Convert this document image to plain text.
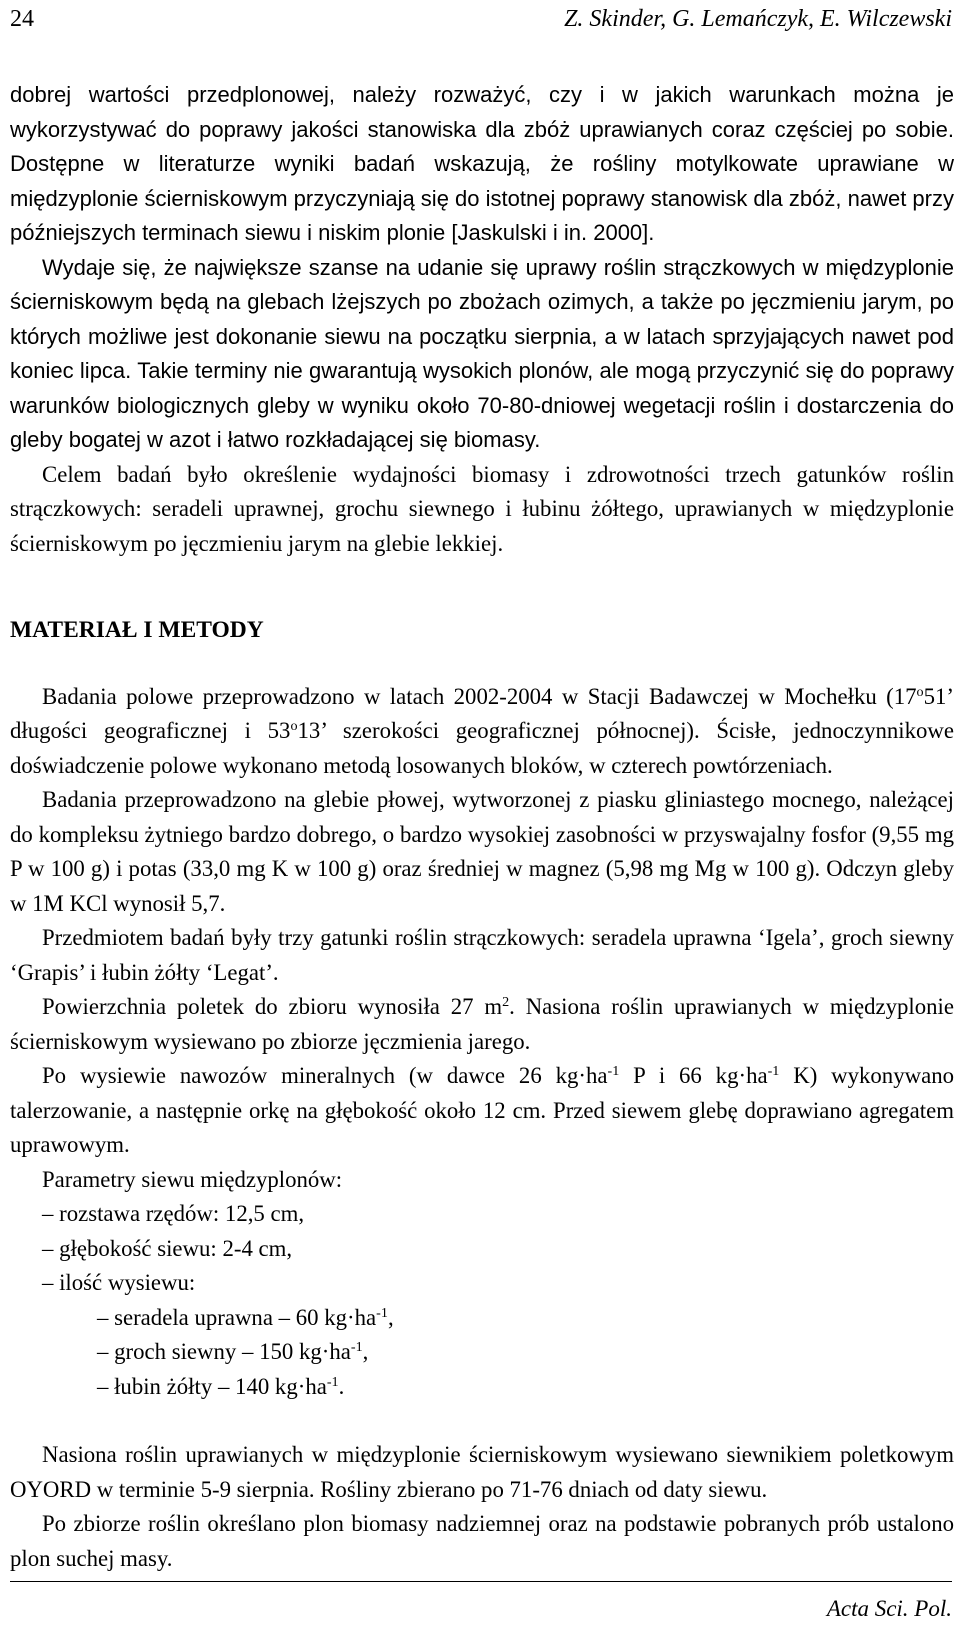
24	Z. Skinder, G. Lemańczyk, E. Wilczewski

dobrej wartości przedplonowej, należy rozważyć, czy i w jakich warunkach można je wykorzystywać do poprawy jakości stanowiska dla zbóż uprawianych coraz częściej po sobie. Dostępne w literaturze wyniki badań wskazują, że rośliny motylkowate uprawiane w międzyplonie ścierniskowym przyczyniają się do istotnej poprawy stanowisk dla zbóż, nawet przy późniejszych terminach siewu i niskim plonie [Jaskulski i in. 2000].

Wydaje się, że największe szanse na udanie się uprawy roślin strączkowych w międzyplonie ścierniskowym będą na glebach lżejszych po zbożach ozimych, a także po jęczmieniu jarym, po których możliwe jest dokonanie siewu na początku sierpnia, a w latach sprzyjających nawet pod koniec lipca. Takie terminy nie gwarantują wysokich plonów, ale mogą przyczynić się do poprawy warunków biologicznych gleby w wyniku około 70-80-dniowej wegetacji roślin i dostarczenia do gleby bogatej w azot i łatwo rozkładającej się biomasy.

Celem badań było określenie wydajności biomasy i zdrowotności trzech gatunków roślin strączkowych: seradeli uprawnej, grochu siewnego i łubinu żółtego, uprawianych w międzyplonie ścierniskowym po jęczmieniu jarym na glebie lekkiej.

MATERIAŁ I METODY

Badania polowe przeprowadzono w latach 2002-2004 w Stacji Badawczej w Mochełku (17$^o$51’ długości geograficznej i 53$^o$13’ szerokości geograficznej północnej). Ścisłe, jednoczynnikowe doświadczenie polowe wykonano metodą losowanych bloków, w czterech powtórzeniach.

Badania przeprowadzono na glebie płowej, wytworzonej z piasku gliniastego mocnego, należącej do kompleksu żytniego bardzo dobrego, o bardzo wysokiej zasobności w przyswajalny fosfor (9,55 mg P w 100 g) i potas (33,0 mg K w 100 g) oraz średniej w magnez (5,98 mg Mg w 100 g). Odczyn gleby w 1M KCl wynosił 5,7.

Przedmiotem badań były trzy gatunki roślin strączkowych: seradela uprawna ‘Igela’, groch siewny ‘Grapis’ i łubin żółty ‘Legat’.

Powierzchnia poletek do zbioru wynosiła 27 $m^2$. Nasiona roślin uprawianych w międzyplonie ścierniskowym wysiewano po zbiorze jęczmienia jarego.

Po wysiewie nawozów mineralnych (w dawce 26 $kg\cdot ha^{-1}$ P i 66 $kg\cdot ha^{-1}$ K) wykonywano talerzowanie, a następnie orkę na głębokość około 12 cm. Przed siewem glebę doprawiano agregatem uprawowym.

Parametry siewu międzyplonów:

– rozstawa rzędów: 12,5 cm,

– głębokość siewu: 2-4 cm,

– ilość wysiewu:

– seradela uprawna – 60 $kg\cdot ha^{-1}$,

– groch siewny – 150 $kg\cdot ha^{-1}$,

– łubin żółty – 140 $kg\cdot ha^{-1}$.

Nasiona roślin uprawianych w międzyplonie ścierniskowym wysiewano siewnikiem poletkowym OYORD w terminie 5-9 sierpnia. Rośliny zbierano po 71-76 dniach od daty siewu.

Po zbiorze roślin określano plon biomasy nadziemnej oraz na podstawie pobranych prób ustalono plon suchej masy.

Acta Sci. Pol.
